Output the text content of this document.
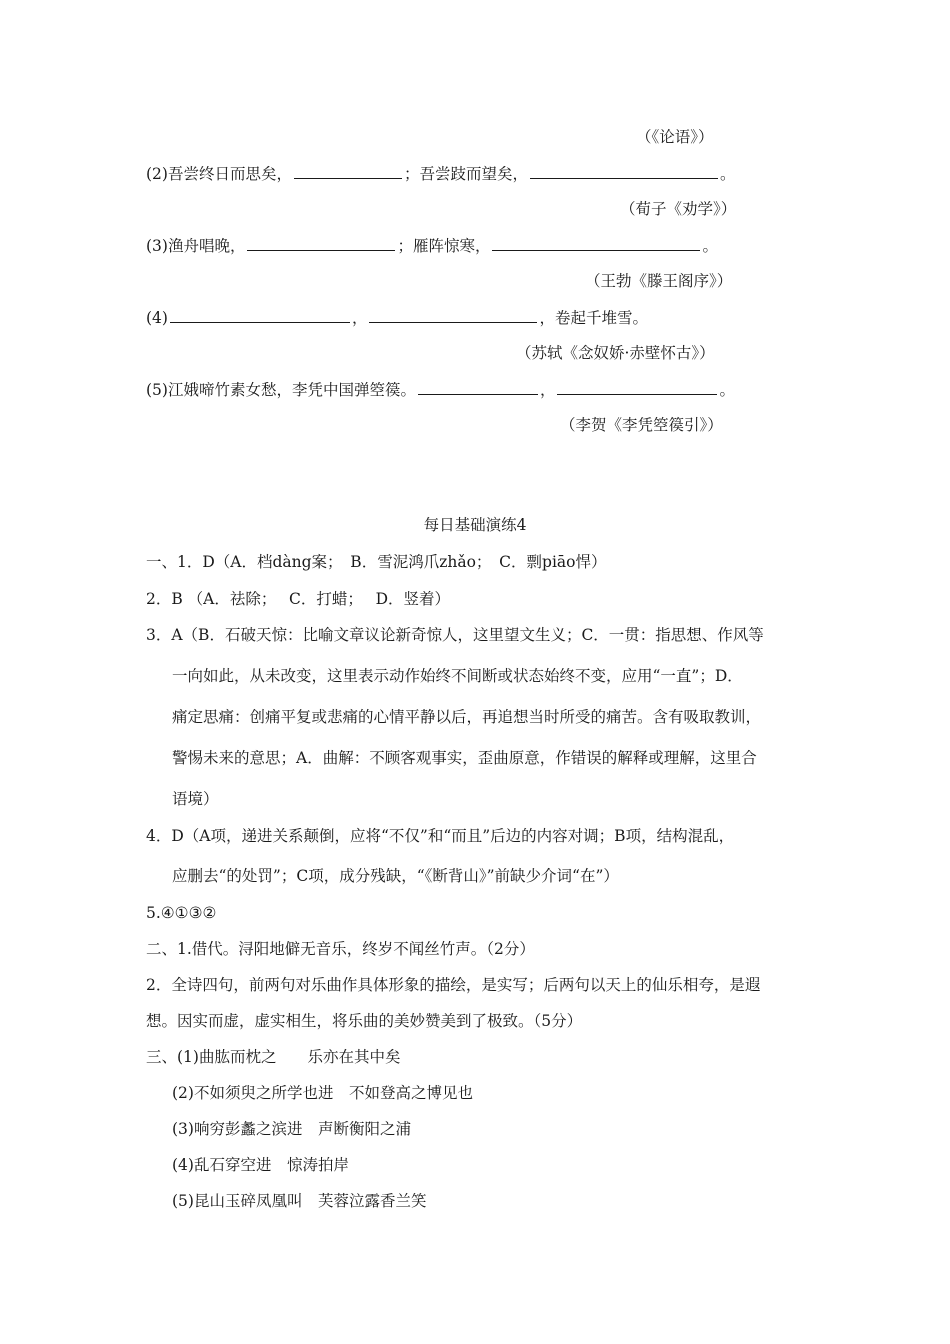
（《论语》）
(2)吾尝终日而思矣，	；吾尝跂而望矣，	。
（荀子《劝学》）
(3)渔舟唱晚，	；雁阵惊寒，	。
（王勃《滕王阁序》）
(4)	，	，卷起千堆雪。
（苏轼《念奴娇·赤壁怀古》）
(5)江娥啼竹素女愁，李凭中国弹箜篌。	，	。
（李贺《李凭箜篌引》）
每日基础演练4
一、1．D（A．档dàng案；　B．雪泥鸿爪zhǎo；　C．剽piāo悍）
2．B （A．祛除；　 C．打蜡；　 D．竖着）
3．A（B．石破天惊：比喻文章议论新奇惊人，这里望文生义；C．一贯：指思想、作风等
一向如此，从未改变，这里表示动作始终不间断或状态始终不变，应用“一直”；D．
痛定思痛：创痛平复或悲痛的心情平静以后，再追想当时所受的痛苦。含有吸取教训，
警惕未来的意思；A．曲解：不顾客观事实，歪曲原意，作错误的解释或理解，这里合
语境）
4．D（A项，递进关系颠倒，应将“不仅”和“而且”后边的内容对调；B项，结构混乱，
应删去“的处罚”；C项，成分残缺，“《断背山》”前缺少介词“在”）
5.④①③②
二、1.借代。浔阳地僻无音乐，终岁不闻丝竹声。（2分）
2．全诗四句，前两句对乐曲作具体形象的描绘，是实写；后两句以天上的仙乐相夸，是遐
想。因实而虚，虚实相生，将乐曲的美妙赞美到了极致。（5分）
三、(1)曲肱而枕之　　乐亦在其中矣
(2)不如须臾之所学也进　不如登高之博见也
(3)响穷彭蠡之滨进　声断衡阳之浦
(4)乱石穿空进　惊涛拍岸
(5)昆山玉碎凤凰叫　芙蓉泣露香兰笑
